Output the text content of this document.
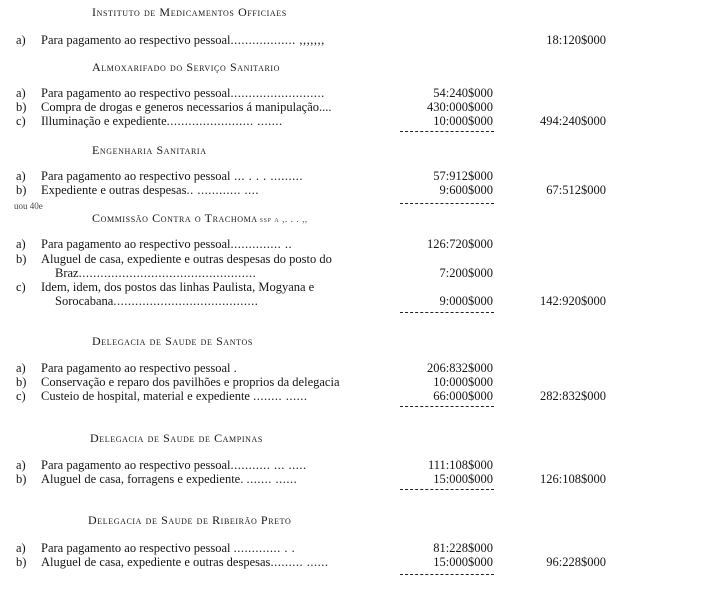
Instituto de Medicamentos Officiaes
a) Para pagamento ao respectivo pessoal.................. ,,,,,,,	18:120$000
Almoxarifado do Serviço Sanitario
a) Para pagamento ao respectivo pessoal..........................	54:240$000
b) Compra de drogas e generos necessarios á manipulação....	430:000$000
c) Illuminação e expediente........................ .......	10:000$000	494:240$000
Engenharia Sanitaria
a) Para pagamento ao respectivo pessoal ... . . . .........	57:912$000
b) Expediente e outras despesas.. ............ ....	9:600$000	67:512$000
uou 40e
Commissão Contra o Trachoma ssp a ,. . . ,,
a) Para pagamento ao respectivo pessoal.............. ..	126:720$000
b) Aluguel de casa, expediente e outras despesas do posto do
Braz.................................................	7:200$000
c) Idem, idem, dos postos das linhas Paulista, Mogyana e
Sorocabana........................................	9:000$000	142:920$000
Delegacia de Saude de Santos
a) Para pagamento ao respectivo pessoal .	206:832$000
b) Conservação e reparo dos pavilhões e proprios da delegacia	10:000$000
c) Custeio de hospital, material e expediente ........ ......	66:000$000	282:832$000
Delegacia de Saude de Campinas
a) Para pagamento ao respectivo pessoal........... ... .....	111:108$000
b) Aluguel de casa, forragens e expediente. ....... ......	15:000$000	126:108$000
Delegacia de Saude de Ribeirão Preto
a) Para pagamento ao respectivo pessoal ............. . .	81:228$000
b) Aluguel de casa, expediente e outras despesas......... ......	15:000$000	96:228$000
